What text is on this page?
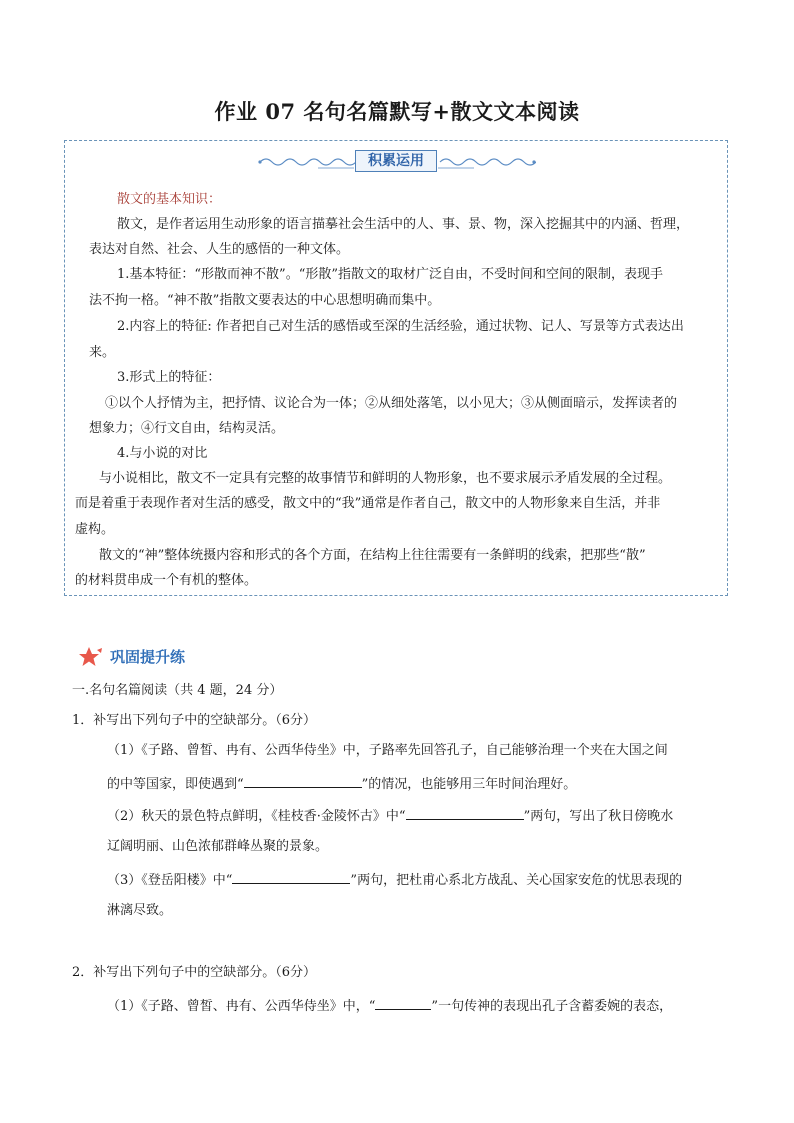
作业 07 名句名篇默写+散文文本阅读
积累运用
散文的基本知识：
散文，是作者运用生动形象的语言描摹社会生活中的人、事、景、物，深入挖掘其中的内涵、哲理，
表达对自然、社会、人生的感悟的一种文体。
1.基本特征：“形散而神不散”。“形散”指散文的取材广泛自由，不受时间和空间的限制，表现手
法不拘一格。“神不散”指散文要表达的中心思想明确而集中。
2.内容上的特征: 作者把自己对生活的感悟或至深的生活经验，通过状物、记人、写景等方式表达出
来。
3.形式上的特征：
①以个人抒情为主，把抒情、议论合为一体；②从细处落笔，以小见大；③从侧面暗示，发挥读者的
想象力；④行文自由，结构灵活。
4.与小说的对比
与小说相比，散文不一定具有完整的故事情节和鲜明的人物形象，也不要求展示矛盾发展的全过程。
而是着重于表现作者对生活的感受，散文中的“我”通常是作者自己，散文中的人物形象来自生活，并非
虚构。
散文的“神”整体统摄内容和形式的各个方面，在结构上往往需要有一条鲜明的线索，把那些“散”
的材料贯串成一个有机的整体。
巩固提升练
一.名句名篇阅读（共 4 题，24 分）
1．补写出下列句子中的空缺部分。（6分）
（1）《子路、曾皙、冉有、公西华侍坐》中，子路率先回答孔子，自己能够治理一个夹在大国之间
的中等国家，即使遇到“	”的情况，也能够用三年时间治理好。
（2）秋天的景色特点鲜明，《桂枝香·金陵怀古》中“	”两句，写出了秋日傍晚水
辽阔明丽、山色浓郁群峰丛聚的景象。
（3）《登岳阳楼》中“	”两句，把杜甫心系北方战乱、关心国家安危的忧思表现的
淋漓尽致。
2．补写出下列句子中的空缺部分。（6分）
（1）《子路、曾皙、冉有、公西华侍坐》中，“	”一句传神的表现出孔子含蓄委婉的表态，
